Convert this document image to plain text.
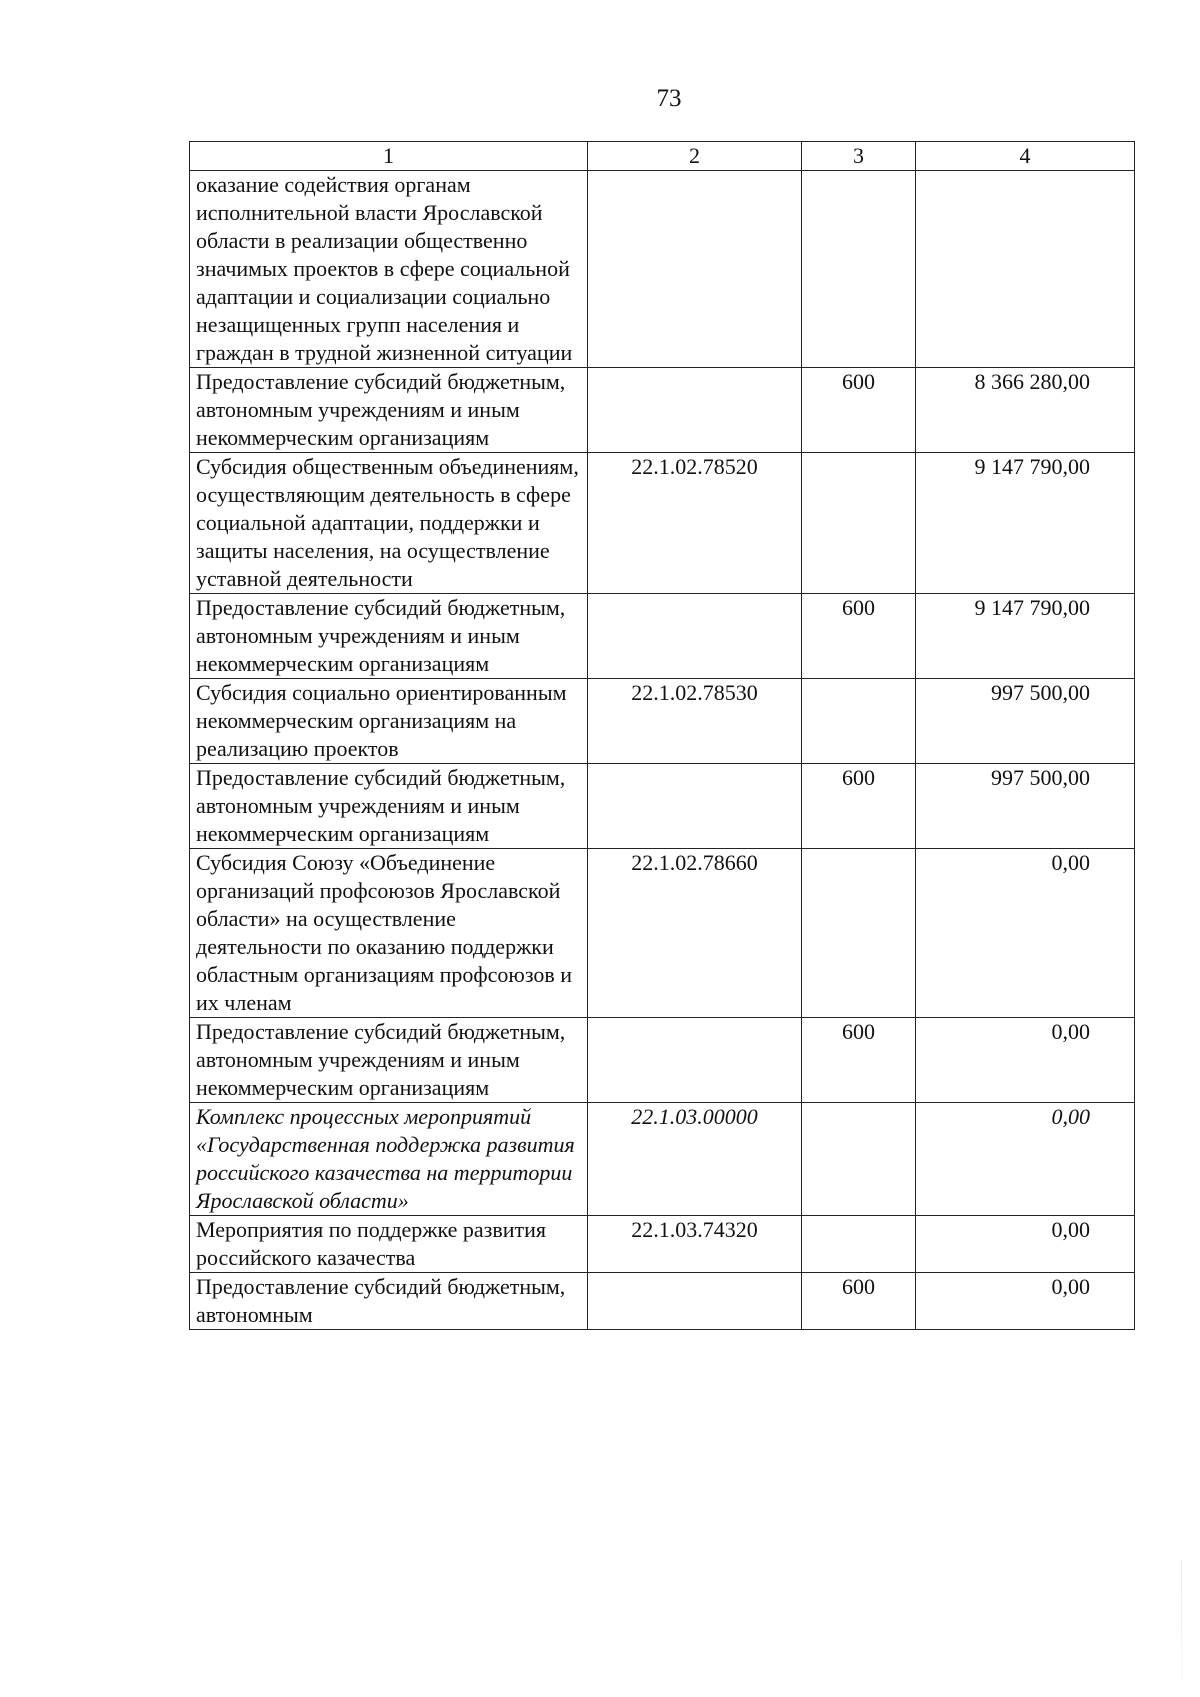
73
1	2	3	4
оказание содействия органам исполнительной власти Ярославской области в реализации общественно значимых проектов в сфере социальной адаптации и социализации социально незащищенных групп населения и граждан в трудной жизненной ситуации			
Предоставление субсидий бюджетным, автономным учреждениям и иным некоммерческим организациям		600	8 366 280,00
Субсидия общественным объединениям, осуществляющим деятельность в сфере социальной адаптации, поддержки и защиты населения, на осуществление уставной деятельности	22.1.02.78520		9 147 790,00
Предоставление субсидий бюджетным, автономным учреждениям и иным некоммерческим организациям		600	9 147 790,00
Субсидия социально ориентированным некоммерческим организациям на реализацию проектов	22.1.02.78530		997 500,00
Предоставление субсидий бюджетным, автономным учреждениям и иным некоммерческим организациям		600	997 500,00
Субсидия Союзу «Объединение организаций профсоюзов Ярославской области» на осуществление деятельности по оказанию поддержки областным организациям профсоюзов и их членам	22.1.02.78660		0,00
Предоставление субсидий бюджетным, автономным учреждениям и иным некоммерческим организациям		600	0,00
Комплекс процессных мероприятий «Государственная поддержка развития российского казачества на территории Ярославской области»	22.1.03.00000		0,00
Мероприятия по поддержке развития российского казачества	22.1.03.74320		0,00
Предоставление субсидий бюджетным, автономным		600	0,00
